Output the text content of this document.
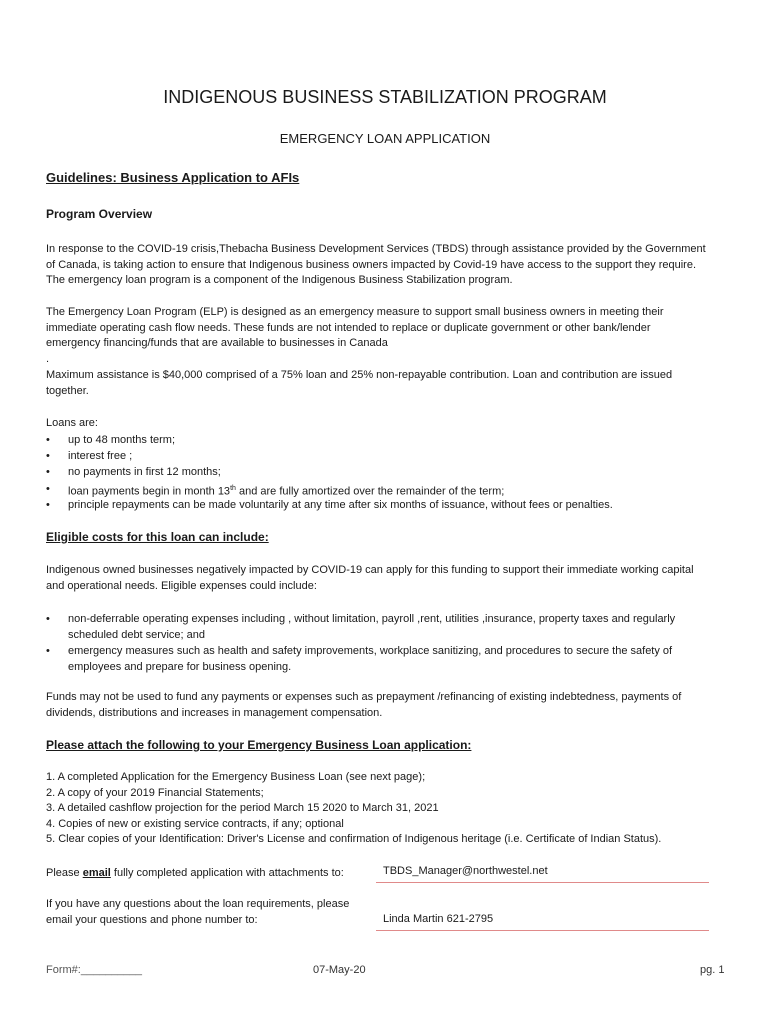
INDIGENOUS BUSINESS STABILIZATION PROGRAM
EMERGENCY LOAN APPLICATION
Guidelines: Business Application to AFIs
Program Overview
In response to the COVID-19 crisis,Thebacha Business Development Services (TBDS) through assistance provided by the Government
of Canada, is taking action to ensure that Indigenous business owners impacted by Covid-19 have access to the support they require.
The emergency loan program is a component of the Indigenous Business Stabilization program.
The Emergency Loan Program (ELP) is designed as an emergency measure to support small business owners in meeting their
immediate operating cash flow needs. These funds are not intended to replace or duplicate government or other bank/lender
emergency financing/funds that are available to businesses in Canada
.
Maximum assistance is $40,000 comprised of a 75% loan and 25% non-repayable contribution. Loan and contribution are issued
together.
Loans are:
•	up to 48 months term;
•	interest free ;
•	no payments in first 12 months;
•	loan payments begin in month 13th and are fully amortized over the remainder of the term;
•	principle repayments can be made voluntarily at any time after six months of issuance, without fees or penalties.
Eligible costs for this loan can include:
Indigenous owned businesses negatively impacted by COVID-19 can apply for this funding to support their immediate working capital
and operational needs. Eligible expenses could include:
•	non-deferrable operating expenses including , without limitation, payroll ,rent, utilities ,insurance, property taxes and regularly
scheduled debt service; and
•	emergency measures such as health and safety improvements, workplace sanitizing, and procedures to secure the safety of
employees and prepare for business opening.
Funds may not be used to fund any payments or expenses such as prepayment /refinancing of existing indebtedness, payments of
dividends, distributions and increases in management compensation.
Please attach the following to your Emergency Business Loan application:
1. A completed Application for the Emergency Business Loan (see next page);
2. A copy of your 2019 Financial Statements;
3. A detailed cashflow projection for the period March 15 2020 to March 31, 2021
4. Copies of new or existing service contracts, if any; optional
5. Clear copies of your Identification: Driver's License and confirmation of Indigenous heritage (i.e. Certificate of Indian Status).
Please email fully completed application with attachments to:	TBDS_Manager@northwestel.net
If you have any questions about the loan requirements, please
email your questions and phone number to:	Linda Martin 621-2795
Form#:__________	07-May-20	pg. 1
